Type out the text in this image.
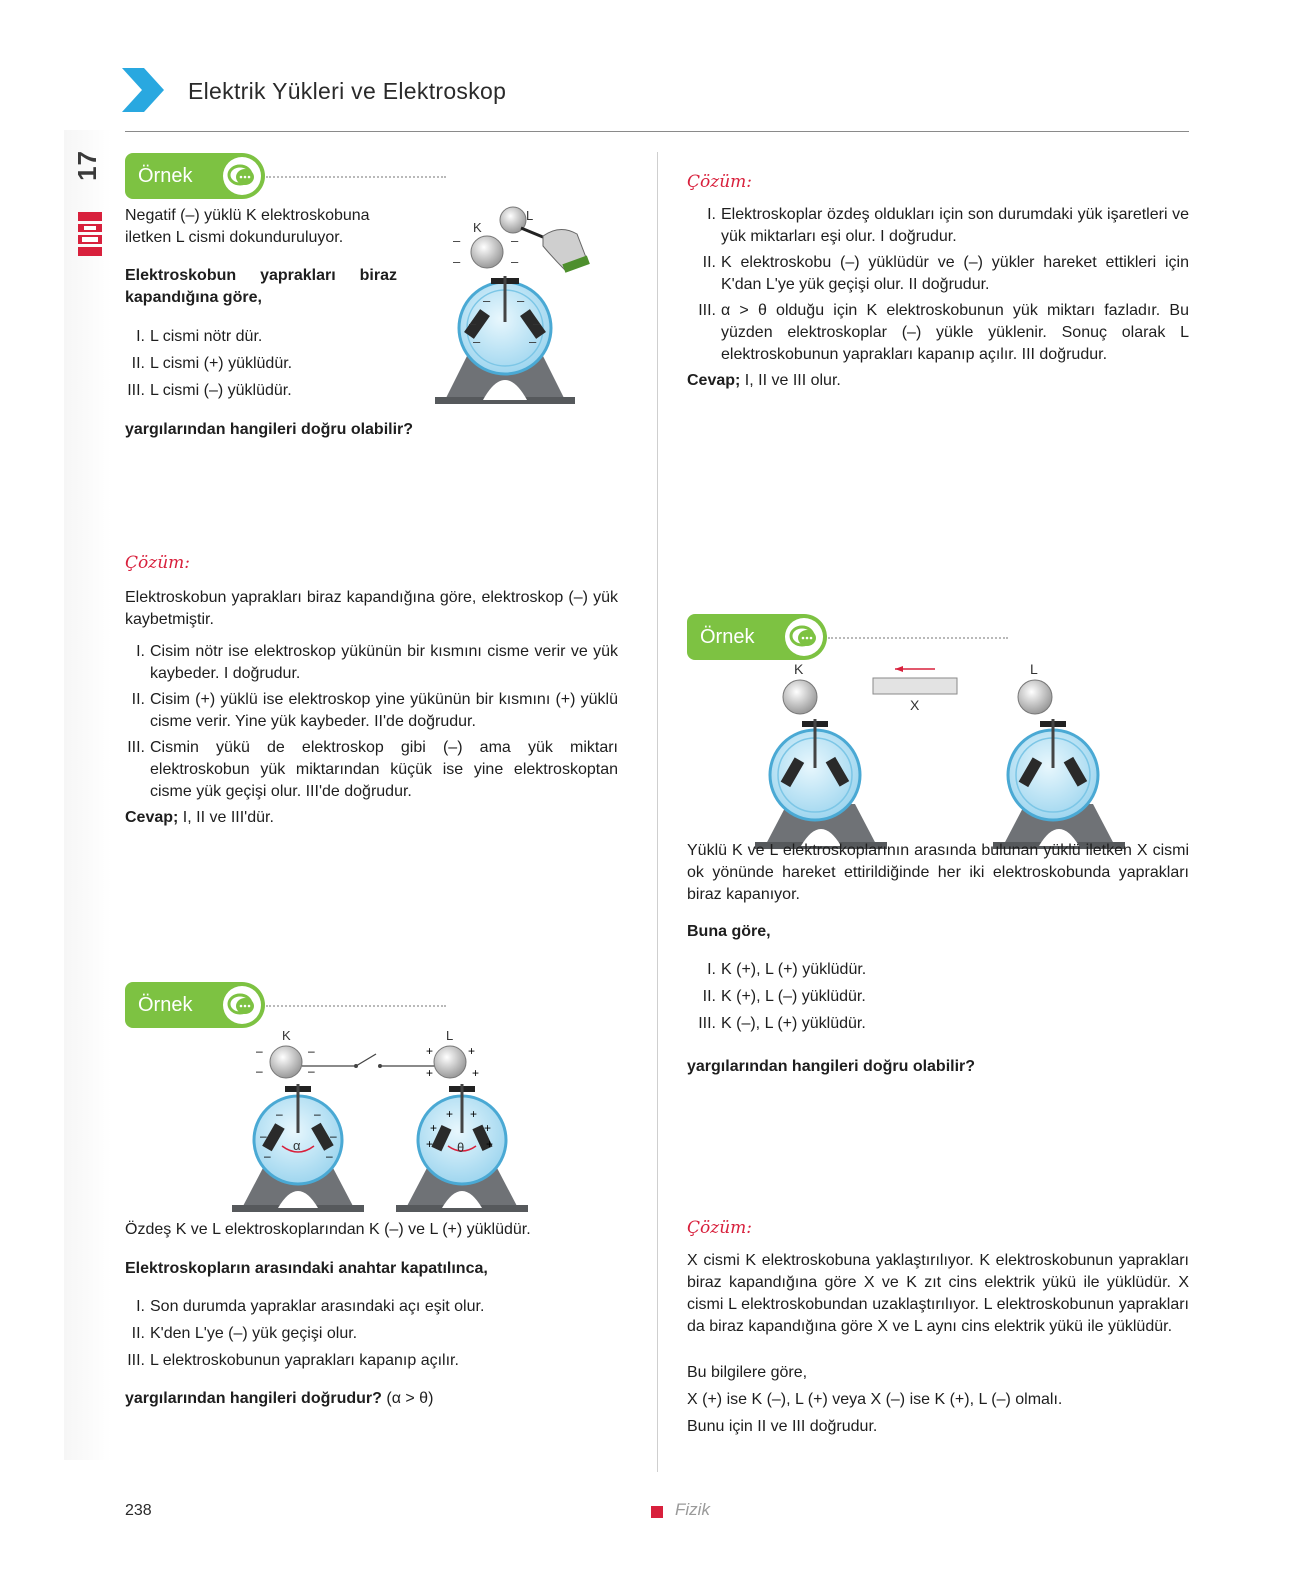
17
Elektrik Yükleri ve Elektroskop
Örnek
Negatif (–) yüklü K elektroskobuna iletken L cismi dokunduruluyor.
Elektroskobun yaprakları biraz kapandığına göre,
I. L cismi nötr dür.
II. L cismi (+) yüklüdür.
III. L cismi (–) yüklüdür.
yargılarından hangileri doğru olabilir?
– –
–	–
–	–
–	–
–	–
K
L
Çözüm:
Elektroskobun yaprakları biraz kapandığına göre, elektroskop (–) yük kaybetmiştir.
I. Cisim nötr ise elektroskop yükünün bir kısmını cisme verir ve yük kaybeder. I doğrudur.
II. Cisim (+) yüklü ise elektroskop yine yükünün bir kısmını (+) yüklü cisme verir. Yine yük kaybeder. II'de doğrudur.
III. Cismin yükü de elektroskop gibi (–) ama yük miktarı elektroskobun yük miktarından küçük ise yine elektroskoptan cisme yük geçişi olur. III'de doğrudur.
Cevap; I, II ve III'dür.
Örnek
α
–	–
–	–
–	–
–	–
–	–
K
θ
+ +
+	+
+	+
+	+
+	+
L
Özdeş K ve L elektroskoplarından K (–) ve L (+) yüklüdür.
Elektroskopların arasındaki anahtar kapatılınca,
I. Son durumda yapraklar arasındaki açı eşit olur.
II. K'den L'ye (–) yük geçişi olur.
III. L elektroskobunun yaprakları kapanıp açılır.
yargılarından hangileri doğrudur? (α > θ)
Çözüm:
I. Elektroskoplar özdeş oldukları için son durumdaki yük işaretleri ve yük miktarları eşi olur. I doğrudur.
II. K elektroskobu (–) yüklüdür ve (–) yükler hareket ettikleri için K'dan L'ye yük geçişi olur. II doğrudur.
III. α > θ olduğu için K elektroskobunun yük miktarı fazladır. Bu yüzden elektroskoplar (–) yükle yüklenir. Sonuç olarak L elektroskobunun yaprakları kapanıp açılır. III doğrudur.
Cevap; I, II ve III olur.
Örnek
K
X
L
Yüklü K ve L elektroskoplarının arasında bulunan yüklü iletken X cismi ok yönünde hareket ettirildiğinde her iki elektroskobunda yaprakları biraz kapanıyor.
Buna göre,
I. K (+), L (+) yüklüdür.
II. K (+), L (–) yüklüdür.
III. K (–), L (+) yüklüdür.
yargılarından hangileri doğru olabilir?
Çözüm:
X cismi K elektroskobuna yaklaştırılıyor. K elektroskobunun yaprakları biraz kapandığına göre X ve K zıt cins elektrik yükü ile yüklüdür. X cismi L elektroskobundan uzaklaştırılıyor. L elektroskobunun yaprakları da biraz kapandığına göre X ve L aynı cins elektrik yükü ile yüklüdür.
Bu bilgilere göre,
X (+) ise K (–), L (+) veya X (–) ise K (+), L (–) olmalı.
Bunu için II ve III doğrudur.
238	Fizik
